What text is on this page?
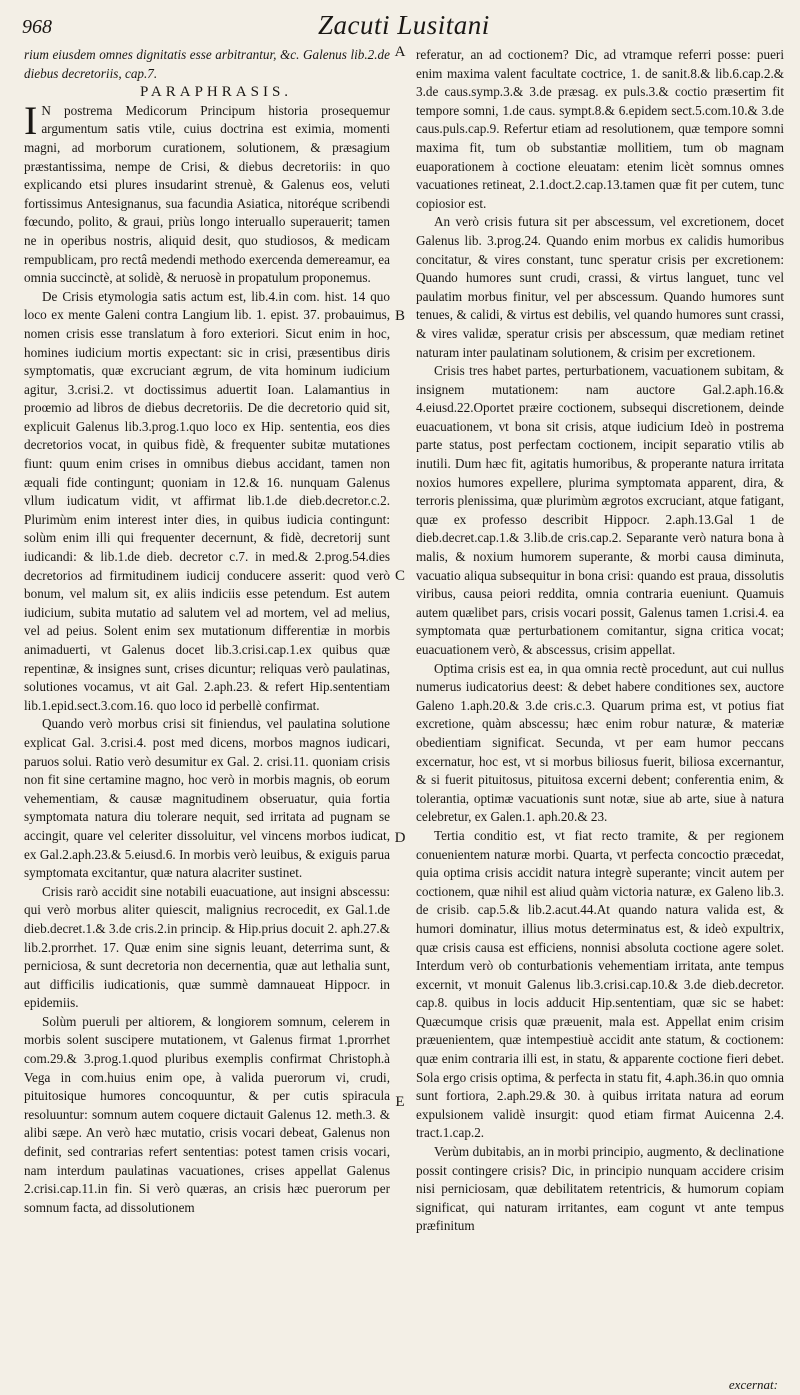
968	Zacuti Lusitani

rium eiusdem omnes dignitatis esse arbitrantur, &c. Galenus lib.2.de diebus decretoriis, cap.7.

PARAPHRASIS.

I N postrema Medicorum Principum historia prosequemur argumentum satis vtile, cuius doctrina est eximia, momenti magni, ad morborum curationem, solutionem, & præsagium præstantissima, nempe de Crisi, & diebus decretoriis: in quo explicando etsi plures insudarint strenuè, & Galenus eos, veluti fortissimus Antesignanus, sua facundia Asiatica, nitoréque scribendi fœcundo, polito, & graui, priùs longo interuallo superauerit; tamen ne in operibus nostris, aliquid desit, quo studiosos, & medicam rempublicam, pro rectâ medendi methodo exercenda demereamur, ea omnia succinctè, at solidè, & neruosè in propatulum proponemus.

De Crisis etymologia satis actum est, lib.4.in com. hist. 14 quo loco ex mente Galeni contra Langium lib. 1. epist. 37. probauimus, nomen crisis esse translatum à foro exteriori. Sicut enim in hoc, homines iudicium mortis expectant: sic in crisi, præsentibus diris symptomatis, quæ excruciant ægrum, de vita hominum iudicium agitur, 3.crisi.2. vt doctissimus aduertit Ioan. Lalamantius in proœmio ad libros de diebus decretoriis. De die decretorio quid sit, explicuit Galenus lib.3.prog.1.quo loco ex Hip. sententia, eos dies decretorios vocat, in quibus fidè, & frequenter subitæ mutationes fiunt: quum enim crises in omnibus diebus accidant, tamen non æquali fide contingunt; quoniam in 12.& 16. nunquam Galenus vllum iudicatum vidit, vt affirmat lib.1.de dieb.decretor.c.2. Plurimùm enim interest inter dies, in quibus iudicia contingunt: solùm enim illi qui frequenter decernunt, & fidè, decretorij sunt iudicandi: & lib.1.de dieb. decretor c.7. in med.& 2.prog.54.dies decretorios ad firmitudinem iudicij conducere asserit: quod verò bonum, vel malum sit, ex aliis indiciis esse petendum. Est autem iudicium, subita mutatio ad salutem vel ad mortem, vel ad melius, vel ad peius. Solent enim sex mutationum differentiæ in morbis animaduerti, vt Galenus docet lib.3.crisi.cap.1.ex quibus quæ repentinæ, & insignes sunt, crises dicuntur; reliquas verò paulatinas, solutiones vocamus, vt ait Gal. 2.aph.23. & refert Hip.sententiam lib.1.epid.sect.3.com.16. quo loco id perbellè confirmat.

Quando verò morbus crisi sit finiendus, vel paulatina solutione explicat Gal. 3.crisi.4. post med dicens, morbos magnos iudicari, paruos solui. Ratio verò desumitur ex Gal. 2. crisi.11. quoniam crisis non fit sine certamine magno, hoc verò in morbis magnis, ob eorum vehementiam, & causæ magnitudinem obseruatur, quia fortia symptomata natura diu tolerare nequit, sed irritata ad pugnam se accingit, quare vel celeriter dissoluitur, vel vincens morbos iudicat, ex Gal.2.aph.23.& 5.eiusd.6. In morbis verò leuibus, & exiguis parua symptomata excitantur, quæ natura alacriter sustinet.

Crisis rarò accidit sine notabili euacuatione, aut insigni abscessu: qui verò morbus aliter quiescit, malignius recrocedit, ex Gal.1.de dieb.decret.1.& 3.de cris.2.in princip. & Hip.prius docuit 2. aph.27.& lib.2.prorrhet. 17. Quæ enim sine signis leuant, deterrima sunt, & perniciosa, & sunt decretoria non decernentia, quæ aut lethalia sunt, aut difficilis iudicationis, quæ summè damnaueat Hippocr. in epidemiis.

Solùm pueruli per altiorem, & longiorem somnum, celerem in morbis solent suscipere mutationem, vt Galenus firmat 1.prorrhet com.29.& 3.prog.1.quod pluribus exemplis confirmat Christoph.à Vega in com.huius enim ope, à valida puerorum vi, crudi, pituitosique humores concoquuntur, & per cutis spiracula resoluuntur: somnum autem coquere dictauit Galenus 12. meth.3. & alibi sæpe. An verò hæc mutatio, crisis vocari debeat, Galenus non definit, sed contrarias refert sententias: potest tamen crisis vocari, nam interdum paulatinas vacuationes, crises appellat Galenus 2.crisi.cap.11.in fin. Si verò quæras, an crisis hæc puerorum per somnum facta, ad dissolutionem

A
B
C
D
E

referatur, an ad coctionem? Dic, ad vtramque referri posse: pueri enim maxima valent facultate coctrice, 1. de sanit.8.& lib.6.cap.2.& 3.de caus.symp.3.& 3.de præsag. ex puls.3.& coctio præsertim fit tempore somni, 1.de caus. sympt.8.& 6.epidem sect.5.com.10.& 3.de caus.puls.cap.9. Refertur etiam ad resolutionem, quæ tempore somni maxima fit, tum ob substantiæ mollitiem, tum ob magnam euaporationem à coctione eleuatam: etenim licèt somnus omnes vacuationes retineat, 2.1.doct.2.cap.13.tamen quæ fit per cutem, tunc copiosior est.

An verò crisis futura sit per abscessum, vel excretionem, docet Galenus lib. 3.prog.24. Quando enim morbus ex calidis humoribus concitatur, & vires constant, tunc speratur crisis per excretionem: Quando humores sunt crudi, crassi, & virtus languet, tunc vel paulatim morbus finitur, vel per abscessum. Quando humores sunt tenues, & calidi, & virtus est debilis, vel quando humores sunt crassi, & vires validæ, speratur crisis per abscessum, quæ mediam retinet naturam inter paulatinam solutionem, & crisim per excretionem.

Crisis tres habet partes, perturbationem, vacuationem subitam, & insignem mutationem: nam auctore Gal.2.aph.16.& 4.eiusd.22.Oportet præire coctionem, subsequi discretionem, deinde euacuationem, vt bona sit crisis, atque iudicium Ideò in postrema parte status, post perfectam coctionem, incipit separatio vtilis ab inutili. Dum hæc fit, agitatis humoribus, & properante natura irritata noxios humores expellere, plurima symptomata apparent, dira, & terroris plenissima, quæ plurimùm ægrotos excruciant, atque fatigant, quæ ex professo describit Hippocr. 2.aph.13.Gal 1 de dieb.decret.cap.1.& 3.lib.de cris.cap.2. Separante verò natura bona à malis, & noxium humorem superante, & morbi causa diminuta, vacuatio aliqua subsequitur in bona crisi: quando est praua, dissolutis viribus, causa peiori reddita, omnia contraria eueniunt. Quamuis autem quælibet pars, crisis vocari possit, Galenus tamen 1.crisi.4. ea symptomata quæ perturbationem comitantur, signa critica vocat; euacuationem verò, & abscessus, crisim appellat.

Optima crisis est ea, in qua omnia rectè procedunt, aut cui nullus numerus iudicatorius deest: & debet habere conditiones sex, auctore Galeno 1.aph.20.& 3.de cris.c.3. Quarum prima est, vt potius fiat excretione, quàm abscessu; hæc enim robur naturæ, & materiæ obedientiam significat. Secunda, vt per eam humor peccans excernatur, hoc est, vt si morbus biliosus fuerit, biliosa excernantur, & si fuerit pituitosus, pituitosa excerni debent; conferentia enim, & tolerantia, optimæ vacuationis sunt notæ, siue ab arte, siue à natura celebretur, ex Galen.1. aph.20.& 23.

Tertia conditio est, vt fiat recto tramite, & per regionem conuenientem naturæ morbi. Quarta, vt perfecta concoctio præcedat, quia optima crisis accidit natura integrè superante; vincit autem per coctionem, quæ nihil est aliud quàm victoria naturæ, ex Galeno lib.3. de crisib. cap.5.& lib.2.acut.44.At quando natura valida est, & humori dominatur, illius motus determinatus est, & ideò expultrix, quæ crisis causa est efficiens, nonnisi absoluta coctione agere solet. Interdum verò ob conturbationis vehementiam irritata, ante tempus excernit, vt monuit Galenus lib.3.crisi.cap.10.& 3.de dieb.decretor. cap.8. quibus in locis adducit Hip.sententiam, quæ sic se habet: Quæcumque crisis quæ præuenit, mala est. Appellat enim crisim præuenientem, quæ intempestiuè accidit ante statum, & coctionem: quæ enim contraria illi est, in statu, & apparente coctione fieri debet. Sola ergo crisis optima, & perfecta in statu fit, 4.aph.36.in quo omnia sunt fortiora, 2.aph.29.& 30. à quibus irritata natura ad eorum expulsionem validè insurgit: quod etiam firmat Auicenna 2.4. tract.1.cap.2.

Verùm dubitabis, an in morbi principio, augmento, & declinatione possit contingere crisis? Dic, in principio nunquam accidere crisim nisi perniciosam, quæ debilitatem retentricis, & humorum copiam significat, qui naturam irritantes, eam cogunt vt ante tempus præfinitum

excernat:
